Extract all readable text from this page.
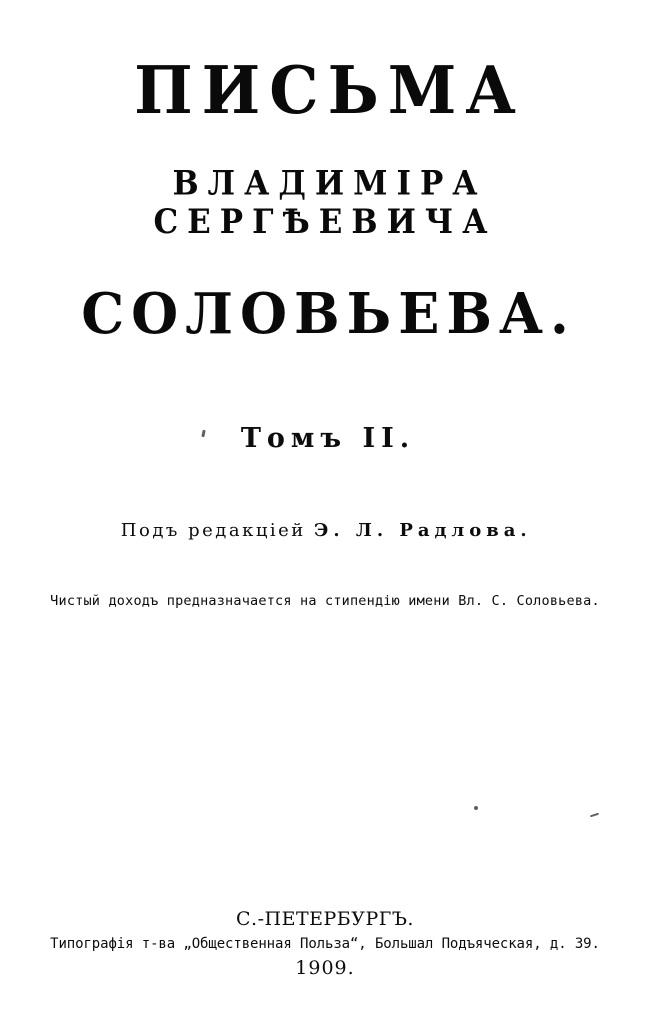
ПИСЬМА
ВЛАДИМІРА СЕРГѢЕВИЧА
СОЛОВЬЕВА.
Томъ II.
Подъ редакціей Э. Л. Радлова.
Чистый доходъ предназначается на стипендію имени Вл. С. Соловьева.
С.-ПЕТЕРБУРГЪ.
Типографія т-ва „Общественная Польза“, Большал Подъяческая, д. 39.
1909.
